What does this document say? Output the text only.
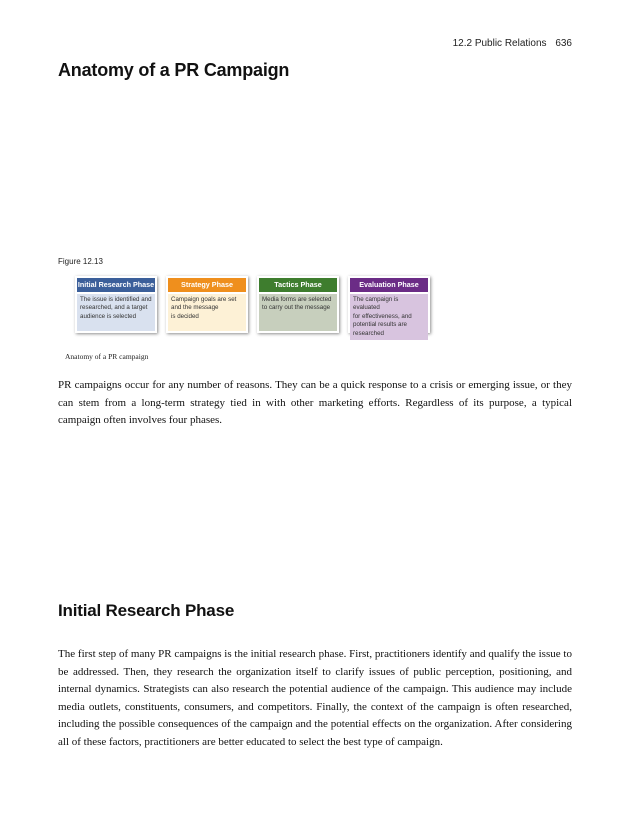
12.2 Public Relations 636
Anatomy of a PR Campaign
Figure 12.13
Initial Research Phase
The issue is identified and
researched, and a target
audience is selected
Strategy Phase
Campaign goals are set
and the message
is decided
Tactics Phase
Media forms are selected
to carry out the message
Evaluation Phase
The campaign is evaluated
for effectiveness, and
potential results are
researched
Anatomy of a PR campaign

PR campaigns occur for any number of reasons. They can be a quick response to a crisis or emerging issue, or they can stem from a long-term strategy tied in with other marketing efforts. Regardless of its purpose, a typical campaign often involves four phases.

Initial Research Phase

The first step of many PR campaigns is the initial research phase. First, practitioners identify and qualify the issue to be addressed. Then, they research the organization itself to clarify issues of public perception, positioning, and internal dynamics. Strategists can also research the potential audience of the campaign. This audience may include media outlets, constituents, consumers, and competitors. Finally, the context of the campaign is often researched, including the possible consequences of the campaign and the potential effects on the organization. After considering all of these factors, practitioners are better educated to select the best type of campaign.
